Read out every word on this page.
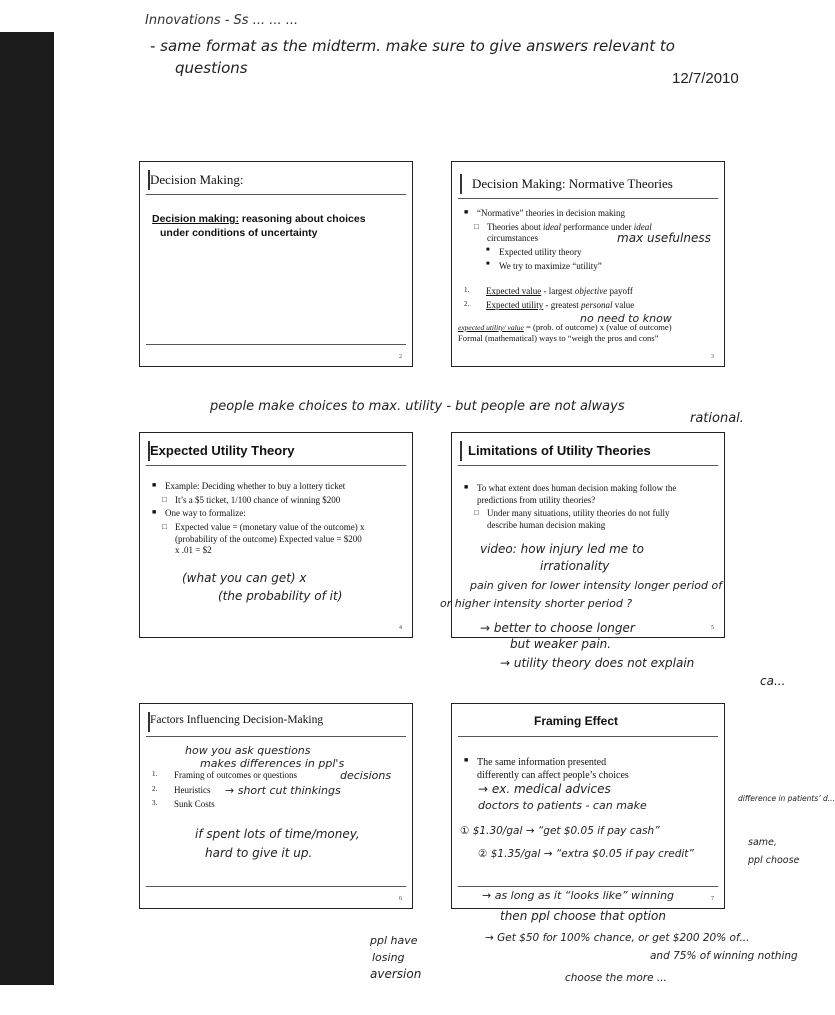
Innovations - Ss ... ... ...
- same format as the midterm. make sure to give answers relevant to
questions
12/7/2010
Decision Making:
Decision making: reasoning about choices
under conditions of uncertainty
2
Decision Making: Normative Theories
■ “Normative” theories in decision making
□ Theories about ideal performance under ideal
circumstances
■ Expected utility theory
■ We try to maximize “utility”
1. Expected value - largest objective payoff
2. Expected utility - greatest personal value
expected utility/ value = (prob. of outcome) x (value of outcome)
Formal (mathematical) ways to “weigh the pros and cons”
3
max usefulness
no need to know
people make choices to max. utility - but people are not always
rational.
Expected Utility Theory
■ Example: Deciding whether to buy a lottery ticket
□ It’s a $5 ticket, 1/100 chance of winning $200
■ One way to formalize:
□ Expected value = (monetary value of the outcome) x
(probability of the outcome) Expected value = $200
x .01 = $2
4
(what you can get) x
(the probability of it)
Limitations of Utility Theories
■ To what extent does human decision making follow the
predictions from utility theories?
□ Under many situations, utility theories do not fully
describe human decision making
5
video: how injury led me to
irrationality
pain given for lower intensity longer period of
or higher intensity shorter period ?
→ better to choose longer
but weaker pain.
→ utility theory does not explain
ca...
Factors Influencing Decision-Making
1. Framing of outcomes or questions
2. Heuristics
3. Sunk Costs
6
how you ask questions
makes differences in ppl's
decisions
→ short cut thinkings
if spent lots of time/money,
hard to give it up.
Framing Effect
■ The same information presented
differently can affect people’s choices
7
→ ex. medical advices
doctors to patients - can make
① $1.30/gal → “get $0.05 if pay cash”
② $1.35/gal → “extra $0.05 if pay credit”
difference in patients’ d...
same,
ppl choose
→ as long as it “looks like” winning
then ppl choose that option
→ Get $50 for 100% chance, or get $200 20% of...
and 75% of winning nothing
choose the more ...
ppl have
losing
aversion
